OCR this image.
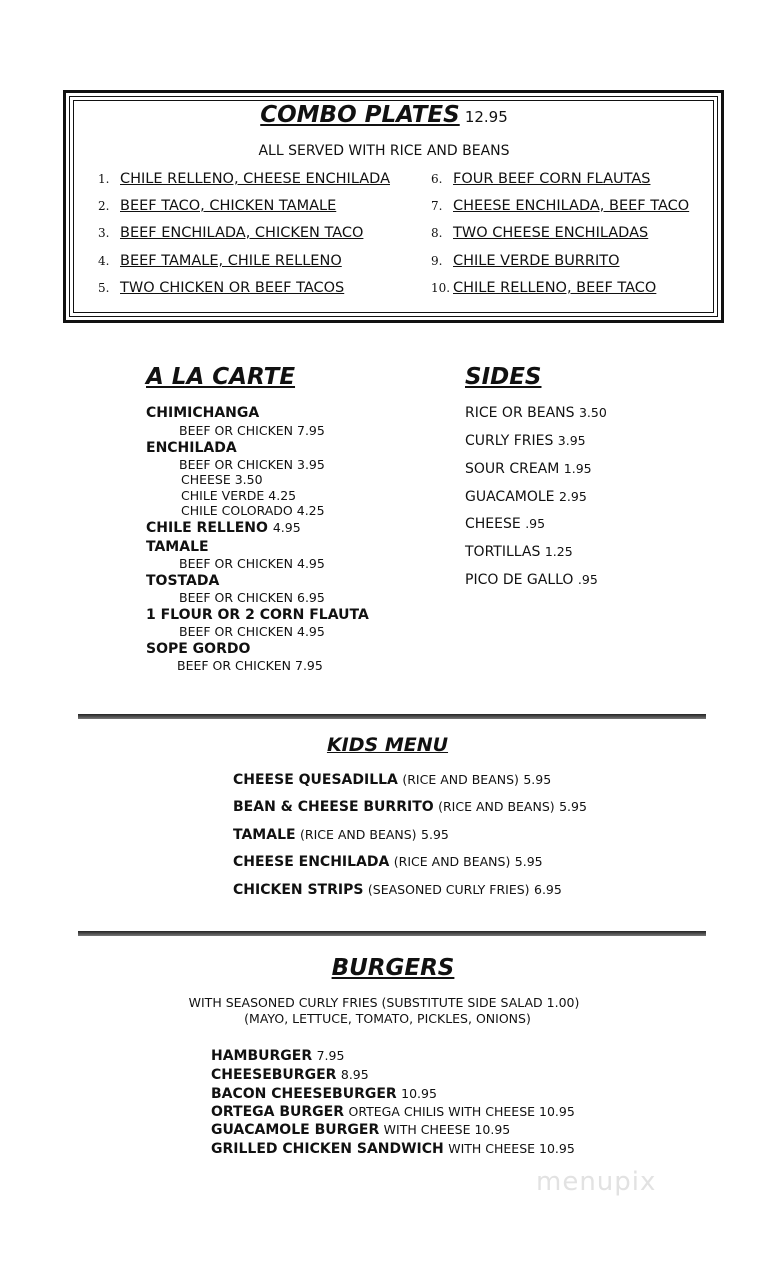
COMBO PLATES 12.95
ALL SERVED WITH RICE AND BEANS
1. CHILE RELLENO, CHEESE ENCHILADA
2. BEEF TACO, CHICKEN TAMALE
3. BEEF ENCHILADA, CHICKEN TACO
4. BEEF TAMALE, CHILE RELLENO
5. TWO CHICKEN OR BEEF TACOS
6. FOUR BEEF CORN FLAUTAS
7. CHEESE ENCHILADA, BEEF TACO
8. TWO CHEESE ENCHILADAS
9. CHILE VERDE BURRITO
10. CHILE RELLENO, BEEF TACO
A LA CARTE
CHIMICHANGA
BEEF OR CHICKEN 7.95
ENCHILADA
BEEF OR CHICKEN 3.95
CHEESE 3.50
CHILE VERDE 4.25
CHILE COLORADO 4.25
CHILE RELLENO 4.95
TAMALE
BEEF OR CHICKEN 4.95
TOSTADA
BEEF OR CHICKEN 6.95
1 FLOUR OR 2 CORN FLAUTA
BEEF OR CHICKEN 4.95
SOPE GORDO
BEEF OR CHICKEN 7.95
SIDES
RICE OR BEANS 3.50
CURLY FRIES 3.95
SOUR CREAM 1.95
GUACAMOLE 2.95
CHEESE .95
TORTILLAS 1.25
PICO DE GALLO .95
KIDS MENU
CHEESE QUESADILLA (RICE AND BEANS) 5.95
BEAN & CHEESE BURRITO (RICE AND BEANS) 5.95
TAMALE (RICE AND BEANS) 5.95
CHEESE ENCHILADA (RICE AND BEANS) 5.95
CHICKEN STRIPS (SEASONED CURLY FRIES) 6.95
BURGERS
WITH SEASONED CURLY FRIES (SUBSTITUTE SIDE SALAD 1.00)
(MAYO, LETTUCE, TOMATO, PICKLES, ONIONS)
HAMBURGER 7.95
CHEESEBURGER 8.95
BACON CHEESEBURGER 10.95
ORTEGA BURGER ORTEGA CHILIS WITH CHEESE 10.95
GUACAMOLE BURGER WITH CHEESE 10.95
GRILLED CHICKEN SANDWICH WITH CHEESE 10.95
menupix
